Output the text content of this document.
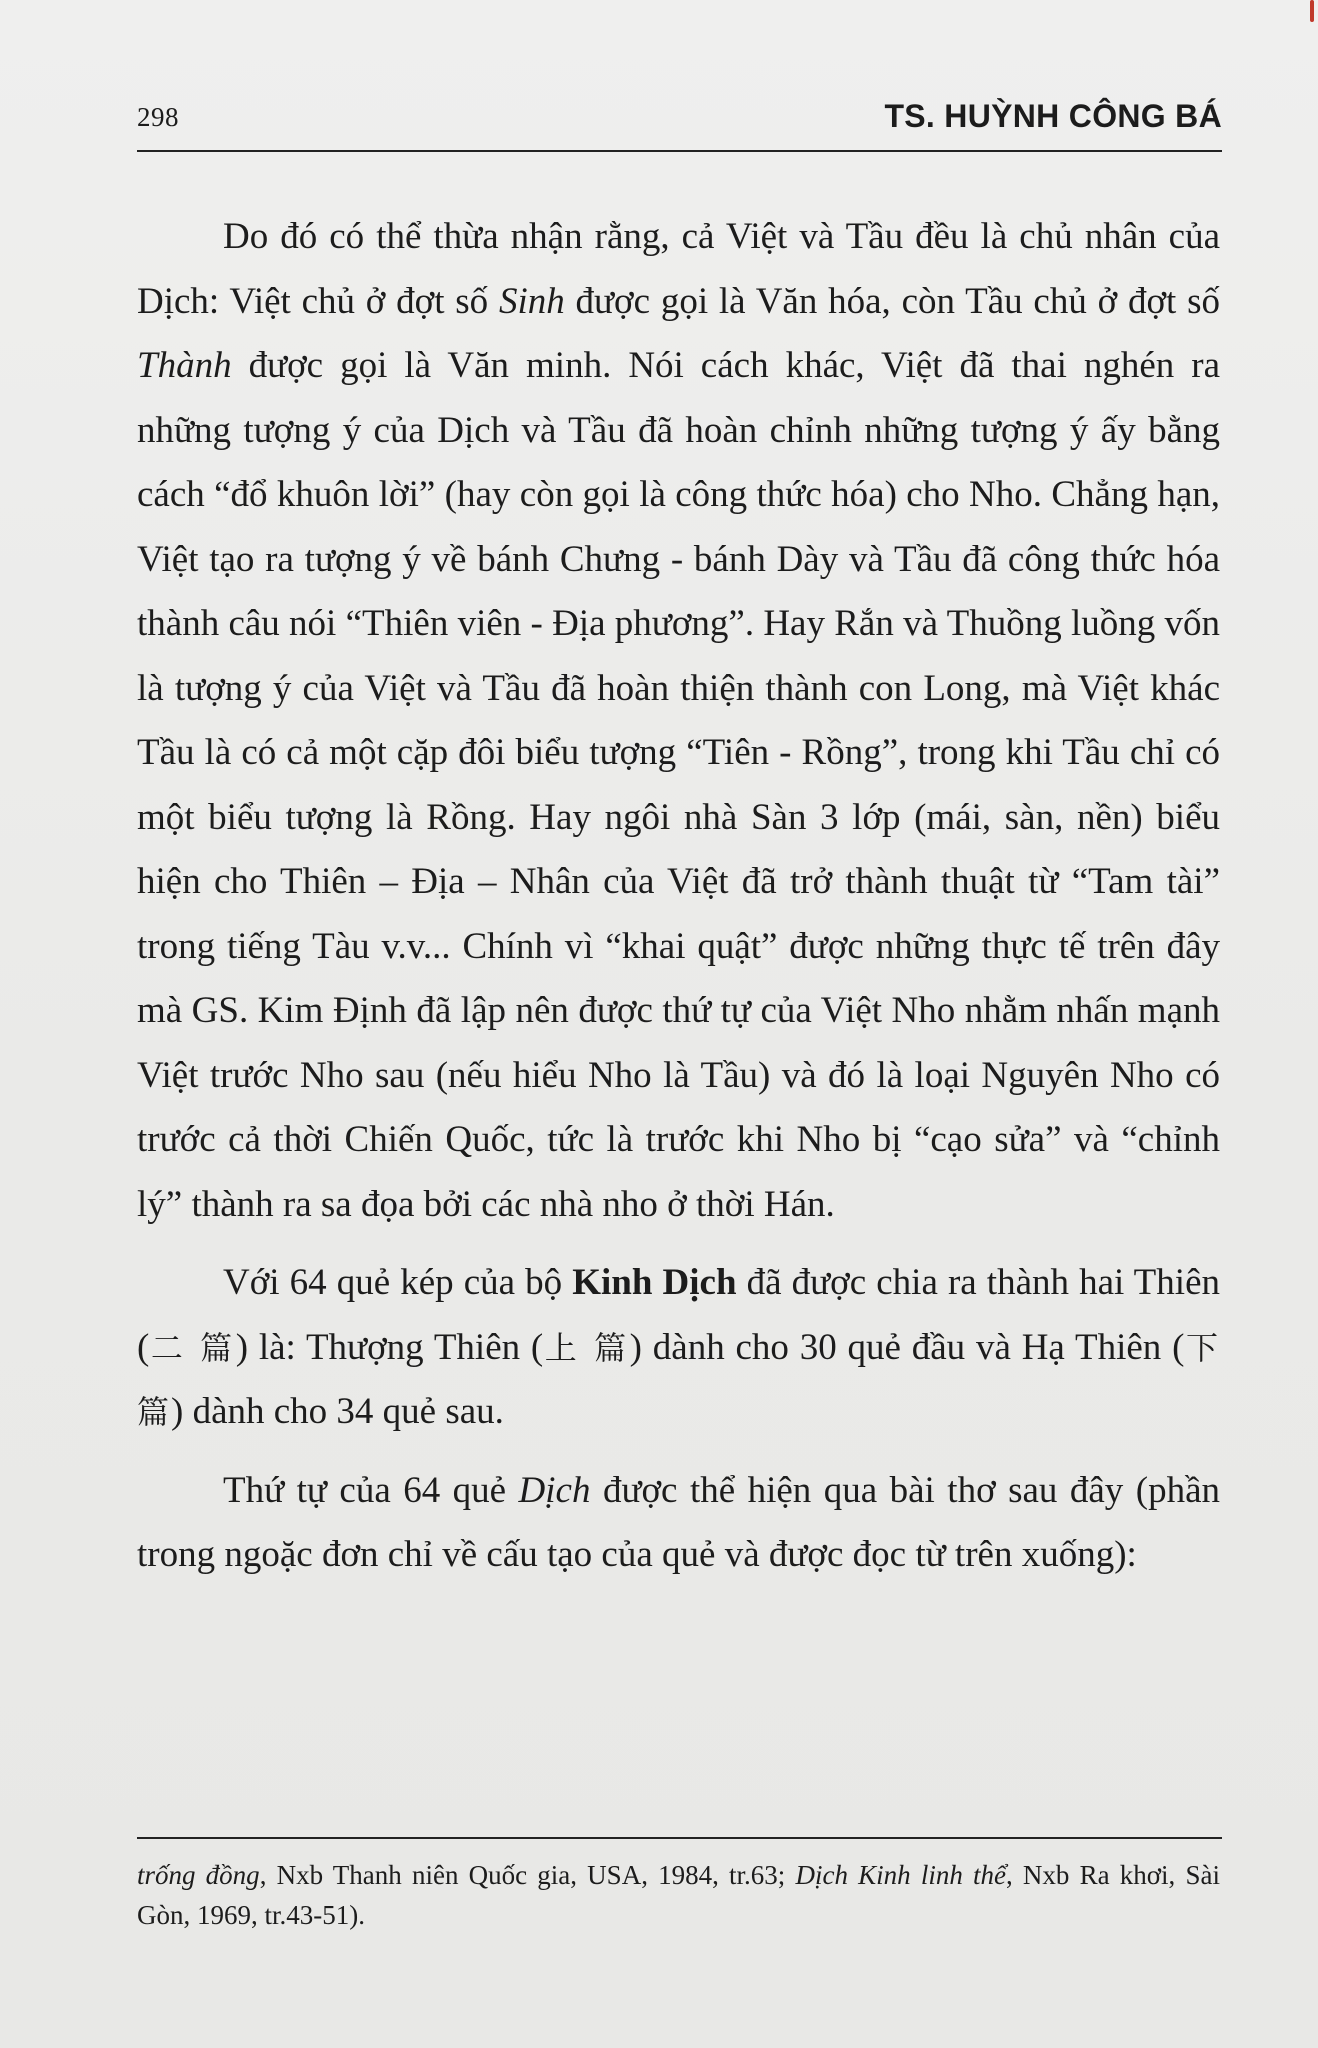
298	TS. HUỲNH CÔNG BÁ

Do đó có thể thừa nhận rằng, cả Việt và Tầu đều là chủ nhân của Dịch: Việt chủ ở đợt số Sinh được gọi là Văn hóa, còn Tầu chủ ở đợt số Thành được gọi là Văn minh. Nói cách khác, Việt đã thai nghén ra những tượng ý của Dịch và Tầu đã hoàn chỉnh những tượng ý ấy bằng cách “đổ khuôn lời” (hay còn gọi là công thức hóa) cho Nho. Chẳng hạn, Việt tạo ra tượng ý về bánh Chưng - bánh Dày và Tầu đã công thức hóa thành câu nói “Thiên viên - Địa phương”. Hay Rắn và Thuồng luồng vốn là tượng ý của Việt và Tầu đã hoàn thiện thành con Long, mà Việt khác Tầu là có cả một cặp đôi biểu tượng “Tiên - Rồng”, trong khi Tầu chỉ có một biểu tượng là Rồng. Hay ngôi nhà Sàn 3 lớp (mái, sàn, nền) biểu hiện cho Thiên – Địa – Nhân của Việt đã trở thành thuật từ “Tam tài” trong tiếng Tàu v.v... Chính vì “khai quật” được những thực tế trên đây mà GS. Kim Định đã lập nên được thứ tự của Việt Nho nhằm nhấn mạnh Việt trước Nho sau (nếu hiểu Nho là Tầu) và đó là loại Nguyên Nho có trước cả thời Chiến Quốc, tức là trước khi Nho bị “cạo sửa” và “chỉnh lý” thành ra sa đọa bởi các nhà nho ở thời Hán.

Với 64 quẻ kép của bộ Kinh Dịch đã được chia ra thành hai Thiên (二 篇) là: Thượng Thiên (上 篇) dành cho 30 quẻ đầu và Hạ Thiên (下 篇) dành cho 34 quẻ sau.

Thứ tự của 64 quẻ Dịch được thể hiện qua bài thơ sau đây (phần trong ngoặc đơn chỉ về cấu tạo của quẻ và được đọc từ trên xuống):

trống đồng, Nxb Thanh niên Quốc gia, USA, 1984, tr.63; Dịch Kinh linh thể, Nxb Ra khơi, Sài Gòn, 1969, tr.43-51).
